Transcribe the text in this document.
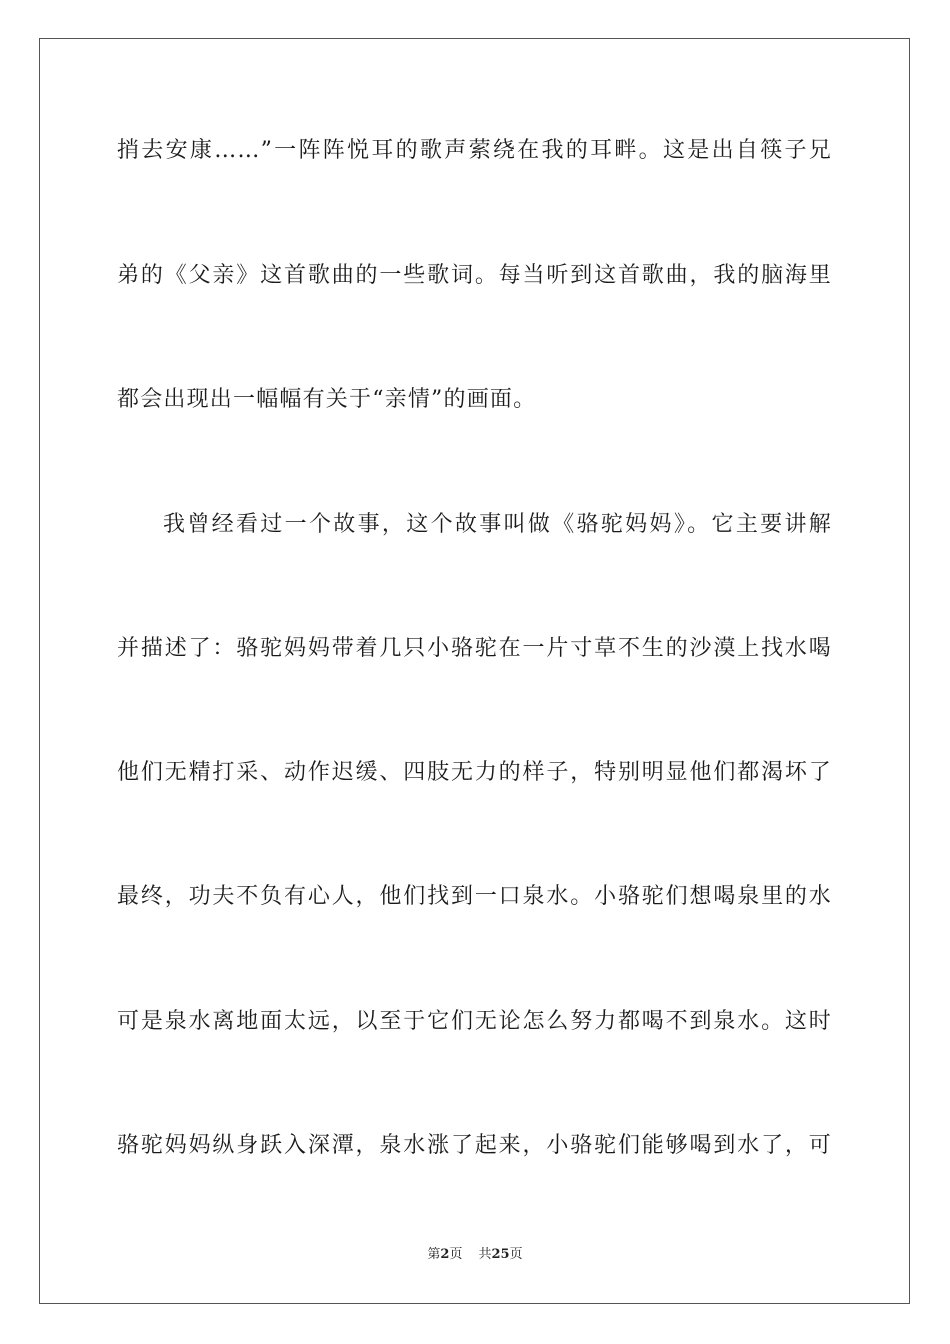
捎去安康……”一阵阵悦耳的歌声萦绕在我的耳畔。这是出自筷子兄
弟的《父亲》这首歌曲的一些歌词。每当听到这首歌曲，我的脑海里
都会出现出一幅幅有关于“亲情”的画面。
我曾经看过一个故事，这个故事叫做《骆驼妈妈》。它主要讲解
并描述了：骆驼妈妈带着几只小骆驼在一片寸草不生的沙漠上找水喝
他们无精打采、动作迟缓、四肢无力的样子，特别明显他们都渴坏了
最终，功夫不负有心人，他们找到一口泉水。小骆驼们想喝泉里的水
可是泉水离地面太远，以至于它们无论怎么努力都喝不到泉水。这时
骆驼妈妈纵身跃入深潭，泉水涨了起来，小骆驼们能够喝到水了，可
第2页 共25页
